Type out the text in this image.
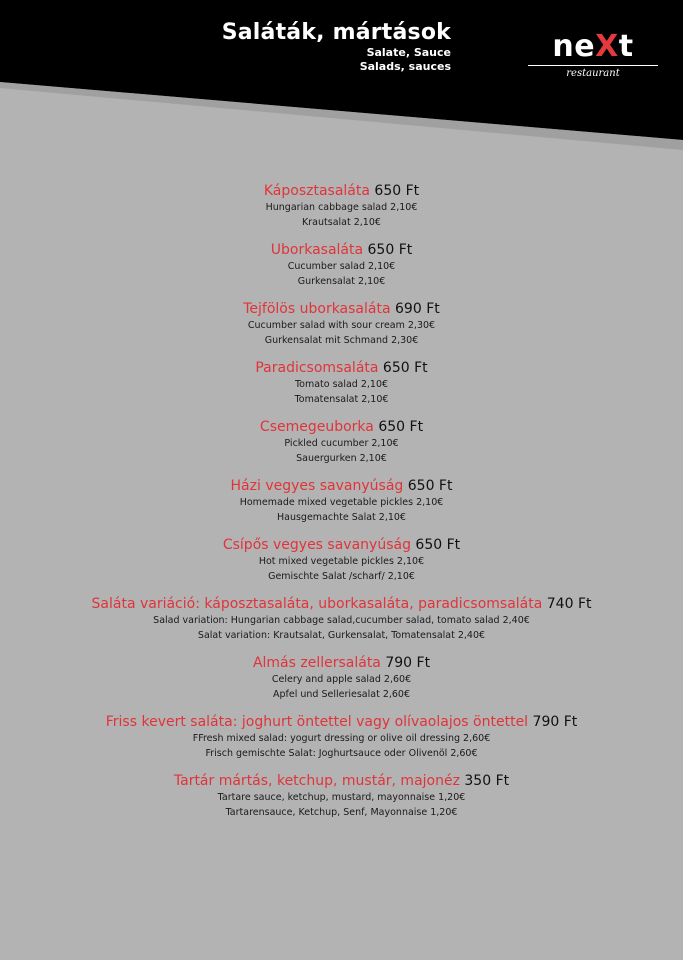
Saláták, mártások
Salate, Sauce
Salads, sauces
neXt
restaurant
Káposztasaláta 650 Ft
Hungarian cabbage salad 2,10€
Krautsalat 2,10€
Uborkasaláta 650 Ft
Cucumber salad 2,10€
Gurkensalat 2,10€
Tejfölös uborkasaláta 690 Ft
Cucumber salad with sour cream 2,30€
Gurkensalat mit Schmand 2,30€
Paradicsomsaláta 650 Ft
Tomato salad 2,10€
Tomatensalat 2,10€
Csemegeuborka 650 Ft
Pickled cucumber 2,10€
Sauergurken 2,10€
Házi vegyes savanyúság 650 Ft
Homemade mixed vegetable pickles 2,10€
Hausgemachte Salat 2,10€
Csípős vegyes savanyúság 650 Ft
Hot mixed vegetable pickles 2,10€
Gemischte Salat /scharf/ 2,10€
Saláta variáció: káposztasaláta, uborkasaláta, paradicsomsaláta 740 Ft
Salad variation: Hungarian cabbage salad,cucumber salad, tomato salad 2,40€
Salat variation: Krautsalat, Gurkensalat, Tomatensalat 2,40€
Almás zellersaláta 790 Ft
Celery and apple salad 2,60€
Apfel und Selleriesalat 2,60€
Friss kevert saláta: joghurt öntettel vagy olívaolajos öntettel 790 Ft
FFresh mixed salad: yogurt dressing or olive oil dressing 2,60€
Frisch gemischte Salat: Joghurtsauce oder Olivenöl 2,60€
Tartár mártás, ketchup, mustár, majonéz 350 Ft
Tartare sauce, ketchup, mustard, mayonnaise 1,20€
Tartarensauce, Ketchup, Senf, Mayonnaise 1,20€
